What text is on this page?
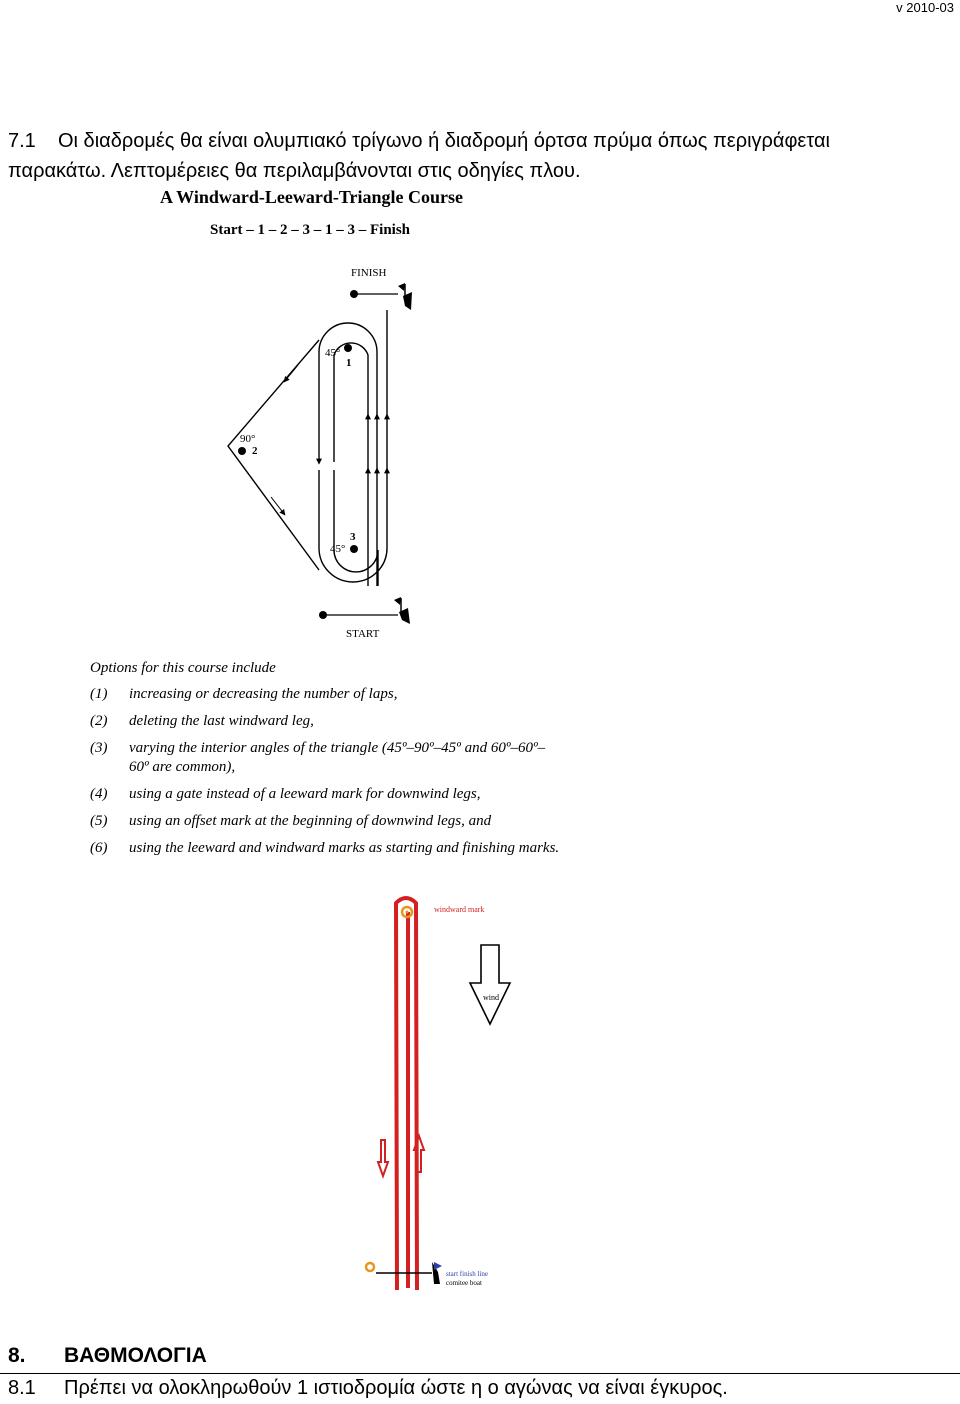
v 2010-03
7.1 Οι διαδρομές θα είναι ολυμπιακό τρίγωνο ή διαδρομή όρτσα πρύμα όπως περιγράφεται
παρακάτω. Λεπτομέρειες θα περιλαμβάνονται στις οδηγίες πλου.
A Windward-Leeward-Triangle Course
Start – 1 – 2 – 3 – 1 – 3 – Finish
FINISH
45°
1
90°
2
45°
3
START
Options for this course include
(1)	increasing or decreasing the number of laps,
(2)	deleting the last windward leg,
(3)	varying the interior angles of the triangle (45º–90º–45º and 60º–60º–60º are common),
(4)	using a gate instead of a leeward mark for downwind legs,
(5)	using an offset mark at the beginning of downwind legs, and
(6)	using the leeward and windward marks as starting and finishing marks.
windward mark
wind
start finish line
comitee boat
8. ΒΑΘΜΟΛΟΓΙΑ
8.1 Πρέπει να ολοκληρωθούν 1 ιστιοδρομία ώστε η ο αγώνας να είναι έγκυρος.
